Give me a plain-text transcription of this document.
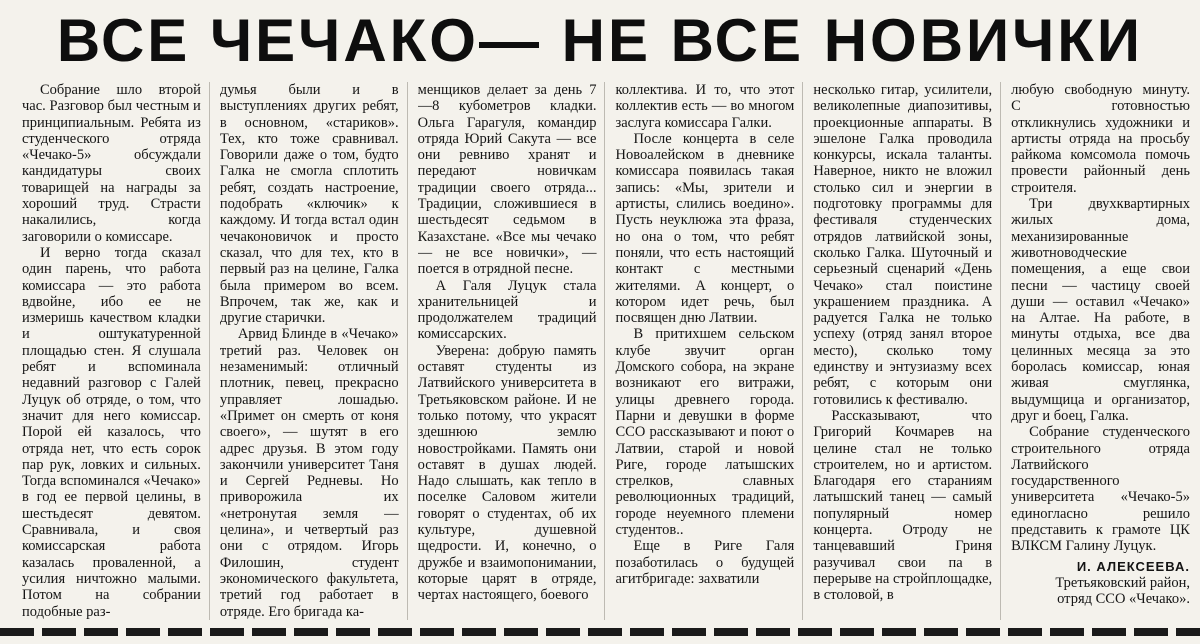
ВСЕ ЧЕЧАКО— НЕ ВСЕ НОВИЧКИ

Собрание шло второй час. Разговор был честным и принципиальным. Ребята из студенческого отряда «Чечако-5» обсуждали кандидатуры своих товарищей на награды за хороший труд. Страсти накалились, когда заговорили о комиссаре.

И верно тогда сказал один парень, что работа комиссара — это работа вдвойне, ибо ее не измеришь качеством кладки и оштукатуренной площадью стен. Я слушала ребят и вспоминала недавний разговор с Галей Луцук об отряде, о том, что значит для него комиссар. Порой ей казалось, что отряда нет, что есть сорок пар рук, ловких и сильных. Тогда вспоминался «Чечако» в год ее первой целины, в шестьдесят девятом. Сравнивала, и своя комиссарская работа казалась проваленной, а усилия ничтожно малыми. Потом на собрании подобные раз-

думья были и в выступлениях других ребят, в основном, «стариков». Тех, кто тоже сравнивал. Говорили даже о том, будто Галка не смогла сплотить ребят, создать настроение, подобрать «ключик» к каждому. И тогда встал один чечаконовичок и просто сказал, что для тех, кто в первый раз на целине, Галка была примером во всем. Впрочем, так же, как и другие старички.

Арвид Блинде в «Чечако» третий раз. Человек он незаменимый: отличный плотник, певец, прекрасно управляет лошадью. «Примет он смерть от коня своего», — шутят в его адрес друзья. В этом году закончили университет Таня и Сергей Редневы. Но приворожила их «нетронутая земля — целина», и четвертый раз они с отрядом. Игорь Филошин, студент экономического факультета, третий год работает в отряде. Его бригада ка-

менщиков делает за день 7—8 кубометров кладки. Ольга Гарагуля, командир отряда Юрий Сакута — все они ревниво хранят и передают новичкам традиции своего отряда... Традиции, сложившиеся в шестьдесят седьмом в Казахстане. «Все мы чечако — не все новички», —поется в отрядной песне.

А Галя Луцук стала хранительницей и продолжателем традиций комиссарских.

Уверена: добрую память оставят студенты из Латвийского университета в Третьяковском районе. И не только потому, что украсят здешнюю землю новостройками. Память они оставят в душах людей. Надо слышать, как тепло в поселке Саловом жители говорят о студентах, об их культуре, душевной щедрости. И, конечно, о дружбе и взаимопонимании, которые царят в отряде, чертах настоящего, боевого

коллектива. И то, что этот коллектив есть — во многом заслуга комиссара Галки.

После концерта в селе Новоалейском в дневнике комиссара появилась такая запись: «Мы, зрители и артисты, слились воедино». Пусть неуклюжа эта фраза, но она о том, что ребят поняли, что есть настоящий контакт с местными жителями. А концерт, о котором идет речь, был посвящен дню Латвии.

В притихшем сельском клубе звучит орган Домского собора, на экране возникают его витражи, улицы древнего города. Парни и девушки в форме ССО рассказывают и поют о Латвии, старой и новой Риге, городе латышских стрелков, славных революционных традиций, городе неуемного племени студентов..

Еще в Риге Галя позаботилась о будущей агитбригаде: захватили

несколько гитар, усилители, великолепные диапозитивы, проекционные аппараты. В эшелоне Галка проводила конкурсы, искала таланты. Наверное, никто не вложил столько сил и энергии в подготовку программы для фестиваля студенческих отрядов латвийской зоны, сколько Галка. Шуточный и серьезный сценарий «День Чечако» стал поистине украшением праздника. А радуется Галка не только успеху (отряд занял второе место), сколько тому единству и энтузиазму всех ребят, с которым они готовились к фестивалю.

Рассказывают, что Григорий Кочмарев на целине стал не только строителем, но и артистом. Благодаря его стараниям латышский танец — самый популярный номер концерта. Отроду не танцевавший Гриня разучивал свои па в перерыве на стройплощадке, в столовой, в

любую свободную минуту. С готовностью откликнулись художники и артисты отряда на просьбу райкома комсомола помочь провести районный день строителя.

Три двухквартирных жилых дома, механизированные животноводческие помещения, а еще свои песни — частицу своей души — оставил «Чечако» на Алтае. На работе, в минуты отдыха, все два целинных месяца за это боролась комиссар, юная живая смуглянка, выдумщица и организатор, друг и боец, Галка.

Собрание студенческого строительного отряда Латвийского государственного университета «Чечако-5» единогласно решило представить к грамоте ЦК ВЛКСМ Галину Луцук.

И. АЛЕКСЕЕВА.
Третьяковский район,
отряд ССО «Чечако».
